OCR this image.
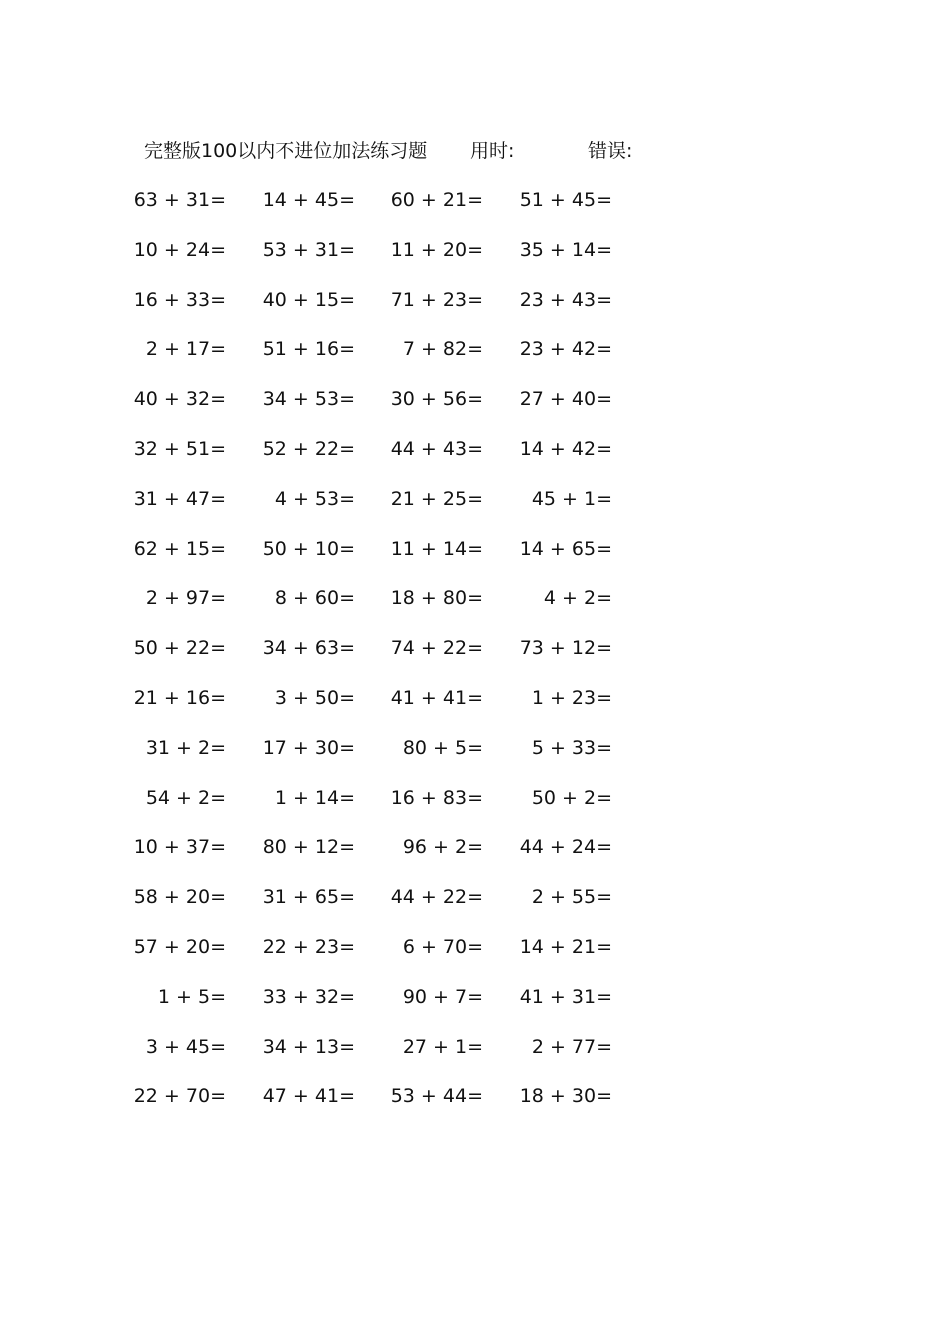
完整版100以内不进位加法练习题 用时:	错误:
63 + 31=	14 + 45=	60 + 21=	51 + 45=
10 + 24=	53 + 31=	11 + 20=	35 + 14=
16 + 33=	40 + 15=	71 + 23=	23 + 43=
2 + 17=	51 + 16=	7 + 82=	23 + 42=
40 + 32=	34 + 53=	30 + 56=	27 + 40=
32 + 51=	52 + 22=	44 + 43=	14 + 42=
31 + 47=	4 + 53=	21 + 25=	45 + 1=
62 + 15=	50 + 10=	11 + 14=	14 + 65=
2 + 97=	8 + 60=	18 + 80=	4 + 2=
50 + 22=	34 + 63=	74 + 22=	73 + 12=
21 + 16=	3 + 50=	41 + 41=	1 + 23=
31 + 2=	17 + 30=	80 + 5=	5 + 33=
54 + 2=	1 + 14=	16 + 83=	50 + 2=
10 + 37=	80 + 12=	96 + 2=	44 + 24=
58 + 20=	31 + 65=	44 + 22=	2 + 55=
57 + 20=	22 + 23=	6 + 70=	14 + 21=
1 + 5=	33 + 32=	90 + 7=	41 + 31=
3 + 45=	34 + 13=	27 + 1=	2 + 77=
22 + 70=	47 + 41=	53 + 44=	18 + 30=
